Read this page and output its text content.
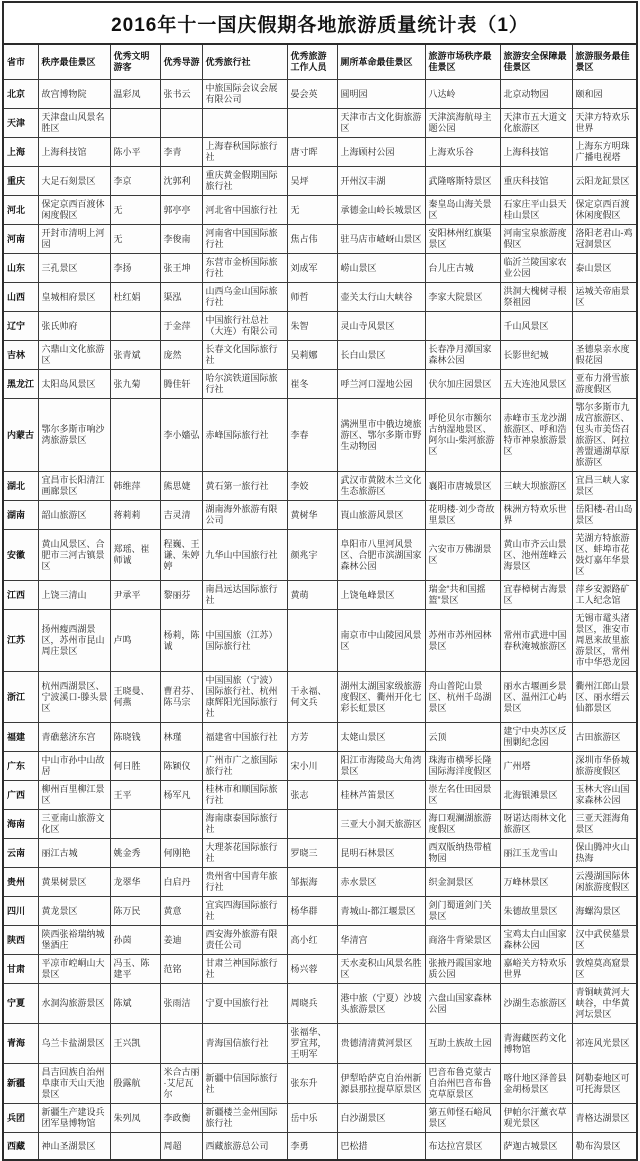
2016年十一国庆假期各地旅游质量统计表（1）
省市	秩序最佳景区	优秀文明游客	优秀导游	优秀旅行社	优秀旅游工作人员	厕所革命最佳景区	旅游市场秩序最佳景区	旅游安全保障最佳景区	旅游服务最佳景区
北京	故宫博物院	温彩凤	张书云	中旅国际会议会展有限公司	晏会英	圆明园	八达岭	北京动物园	颐和园
天津	天津盘山风景名胜区					天津市古文化街旅游区	天津滨海航母主题公园	天津市五大道文化旅游区	天津方特欢乐世界
上海	上海科技馆	陈小平	李青	上海春秋国际旅行社	唐寸晖	上海顾村公园	上海欢乐谷	上海科技馆	上海东方明珠广播电视塔
重庆	大足石刻景区	李京	沈郭利	重庆黄金假期国际旅行社	吴坪	开州汉丰湖	武隆喀斯特景区	重庆科技馆	云阳龙缸景区
河北	保定京西百渡休闲度假区	无	郭亭亭	河北省中国旅行社	无	承德金山岭长城景区	秦皇岛山海关景区	石家庄平山县天桂山景区	保定京西百渡休闲度假区
河南	开封市清明上河园	无	李俊南	河南省中国国际旅行社	焦占伟	驻马店市嵖岈山景区	安阳林州红旗渠景区	河南宝泉旅游度假区	洛阳老君山-鸡冠洞景区
山东	三孔景区	李扬	张王坤	东营市金桥国际旅行社	刘成军	崂山景区	台儿庄古城	临沂兰陵国家农业公园	泰山景区
山西	皇城相府景区	杜红娟	渠泓	山西乌金山国际旅行社	师哲	壶关太行山大峡谷	李家大院景区	洪洞大槐树寻根祭祖园	运城关帝庙景区
辽宁	张氏帅府		于金萍	中国旅行社总社（大连）有限公司	朱智	灵山寺风景区		千山风景区	
吉林	六鼎山文化旅游区	张青斌	庞然	长春文化国际旅行社	吴莉娜	长白山景区	长春净月潭国家森林公园	长影世纪城	圣德泉亲水度假花园
黑龙江	太阳岛风景区	张九菊	腾佳轩	哈尔滨铁道国际旅行社	崔冬	呼兰河口湿地公园	伏尔加庄园景区	五大连池风景区	亚布力滑雪旅游度假区
内蒙古	鄂尔多斯市响沙湾旅游景区		李小嬙弘	赤峰国际旅行社	李春	满洲里市中俄边境旅游区、鄂尔多斯市野生动物园	呼伦贝尔市额尔古纳湿地景区、阿尔山-柴河旅游区	赤峰市玉龙沙湖旅游区、呼和浩特市神泉旅游景区	鄂尔多斯市九成宫旅游区、包头市美岱召旅游区、阿拉善盟通湖草原旅游区
湖北	宜昌市长阳清江画廊景区	韩维萍	熊思婕	黄石第一旅行社	李姣	武汉市黄陂木兰文化生态旅游区	襄阳市唐城景区	三峡大坝旅游区	宜昌三峡人家景区
湖南	韶山旅游区	蒋莉莉	吉灵清	湖南海外旅游有限公司	黄树华	崀山旅游风景区	花明楼·刘少奇故里景区	株洲方特欢乐世界	岳阳楼-君山岛景区
安徽	黄山风景区、合肥市三河古镇景区	郑瑶、崔师诚	程巍、王谦、朱婷婷	九华山中国旅行社	颜兆宇	阜阳市八里河风景区、合肥市滨湖国家森林公园	六安市万佛湖景区	黄山市齐云山景区、池州莲峰云海景区	芜湖方特旅游区、蚌埠市花鼓灯嘉年华景区
江西	上饶三清山	尹承平	黎丽芬	南昌远达国际旅行社	黄萌	上饶龟峰景区	瑞金“共和国摇篮”景区	宜春樟树古海景区	萍乡安源路矿工人纪念馆
江苏	扬州瘦西湖景区，苏州市昆山周庄景区	卢鸣	杨莉，陈诚	中国国旅（江苏）国际旅行社		南京市中山陵园风景区	苏州市苏州园林景区	常州市武进中国春秋淹城旅游区	无锡市鼋头渚景区，淮安市周恩来故里旅游景区，常州市中华恐龙园
浙江	杭州西湖景区、宁波溪口-滕头景区	王晓曼、何燕	曹君芬、陈马宗	中国国旅（宁波）国际旅行社、杭州康辉阳光国际旅行社	干永福、何文兵	湖州太湖国家级旅游度假区、衢州开化七彩长虹景区	舟山普陀山景区、杭州千岛湖景区	丽水古堰画乡景区、温州江心屿景区	衢州江郎山景区、丽水缙云仙都景区
福建	青礁慈济东宫	陈晓钱	林瑾	福建省中国旅行社	方芳	太姥山景区	云顶	建宁中央苏区反围剿纪念园	古田旅游区
广东	中山市孙中山故居	何日胜	陈颖仪	广州市广之旅国际旅行社	宋小川	阳江市海陵岛大角湾景区	珠海市横琴长隆国际海洋度假区	广州塔	深圳市华侨城旅游度假区
广西	柳州百里柳江景区	王平	杨军凡	桂林市和顺国际旅行社	张志	桂林芦笛景区	崇左名仕田园景区	北海银滩景区	玉林大容山国家森林公园
海南	三亚南山旅游文化区			海南康泰国际旅行社		三亚大小洞天旅游区	海口观澜湖旅游度假区	呀诺达雨林文化旅游区	三亚天涯海角景区
云南	丽江古城	姚金秀	何刚艳	大理茶花国际旅行社	罗晓三	昆明石林景区	西双版纳热带植物园	丽江玉龙雪山	保山腾冲火山热海
贵州	黄果树景区	龙翠华	白启丹	贵州省中国青年旅行社	邹振海	赤水景区	织金洞景区	万峰林景区	云漫湖国际休闲旅游度假区
四川	黄龙景区	陈万民	黄意	宜宾四海国际旅行社	杨华群	青城山-都江堰景区	剑门蜀道剑门关景区	朱德故里景区	海螺沟景区
陕西	陕西张裕瑞纳城堡酒庄	孙茵	姜迪	西安海外旅游有限责任公司	高小红	华清宫	商洛牛背梁景区	宝鸡太白山国家森林公园	汉中武侯墓景区
甘肃	平凉市崆峒山大景区	冯玉、陈建平	范铭	甘肃兰神国际旅行社	杨兴蓉	天水麦积山风景名胜区	张掖丹霞国家地质公园	嘉峪关方特欢乐世界	敦煌莫高窟景区
宁夏	水洞沟旅游景区	陈斌	张雨洁	宁夏中国旅行社	周晓兵	港中旅（宁夏）沙坡头旅游景区	六盘山国家森林公园	沙湖生态旅游区	青铜峡黄河大峡谷，中华黄河坛景区
青海	乌兰卡盐湖景区	王兴凯		青海国信旅行社	张福华、罗宜邦，王明军	贵德清清黄河景区	互助土族故土园	青海藏医药文化博物馆	祁连风光景区
新疆	昌吉回族自治州阜康市天山天池景区	殷露航	米合古丽·艾尼瓦尔	新疆中信国际旅行社	张东升	伊犁哈萨克自治州新源县那拉提草原景区	巴音布鲁克蒙古自治州巴音布鲁克草原景区	喀什地区泽普县金胡杨景区	阿勒泰地区可可托海景区
兵团	新疆生产建设兵团军垦博物馆	朱列凤	李政衡	新疆楼兰金州国际旅行社	岳中乐	白沙湖景区	第五师怪石峪风景区	伊帕尔汗薰衣草观光景区	青格达湖景区
西藏	神山圣湖景区		周超	西藏旅游总公司	李勇	巴松措	布达拉宫景区	萨迦古城景区	勒布沟景区
